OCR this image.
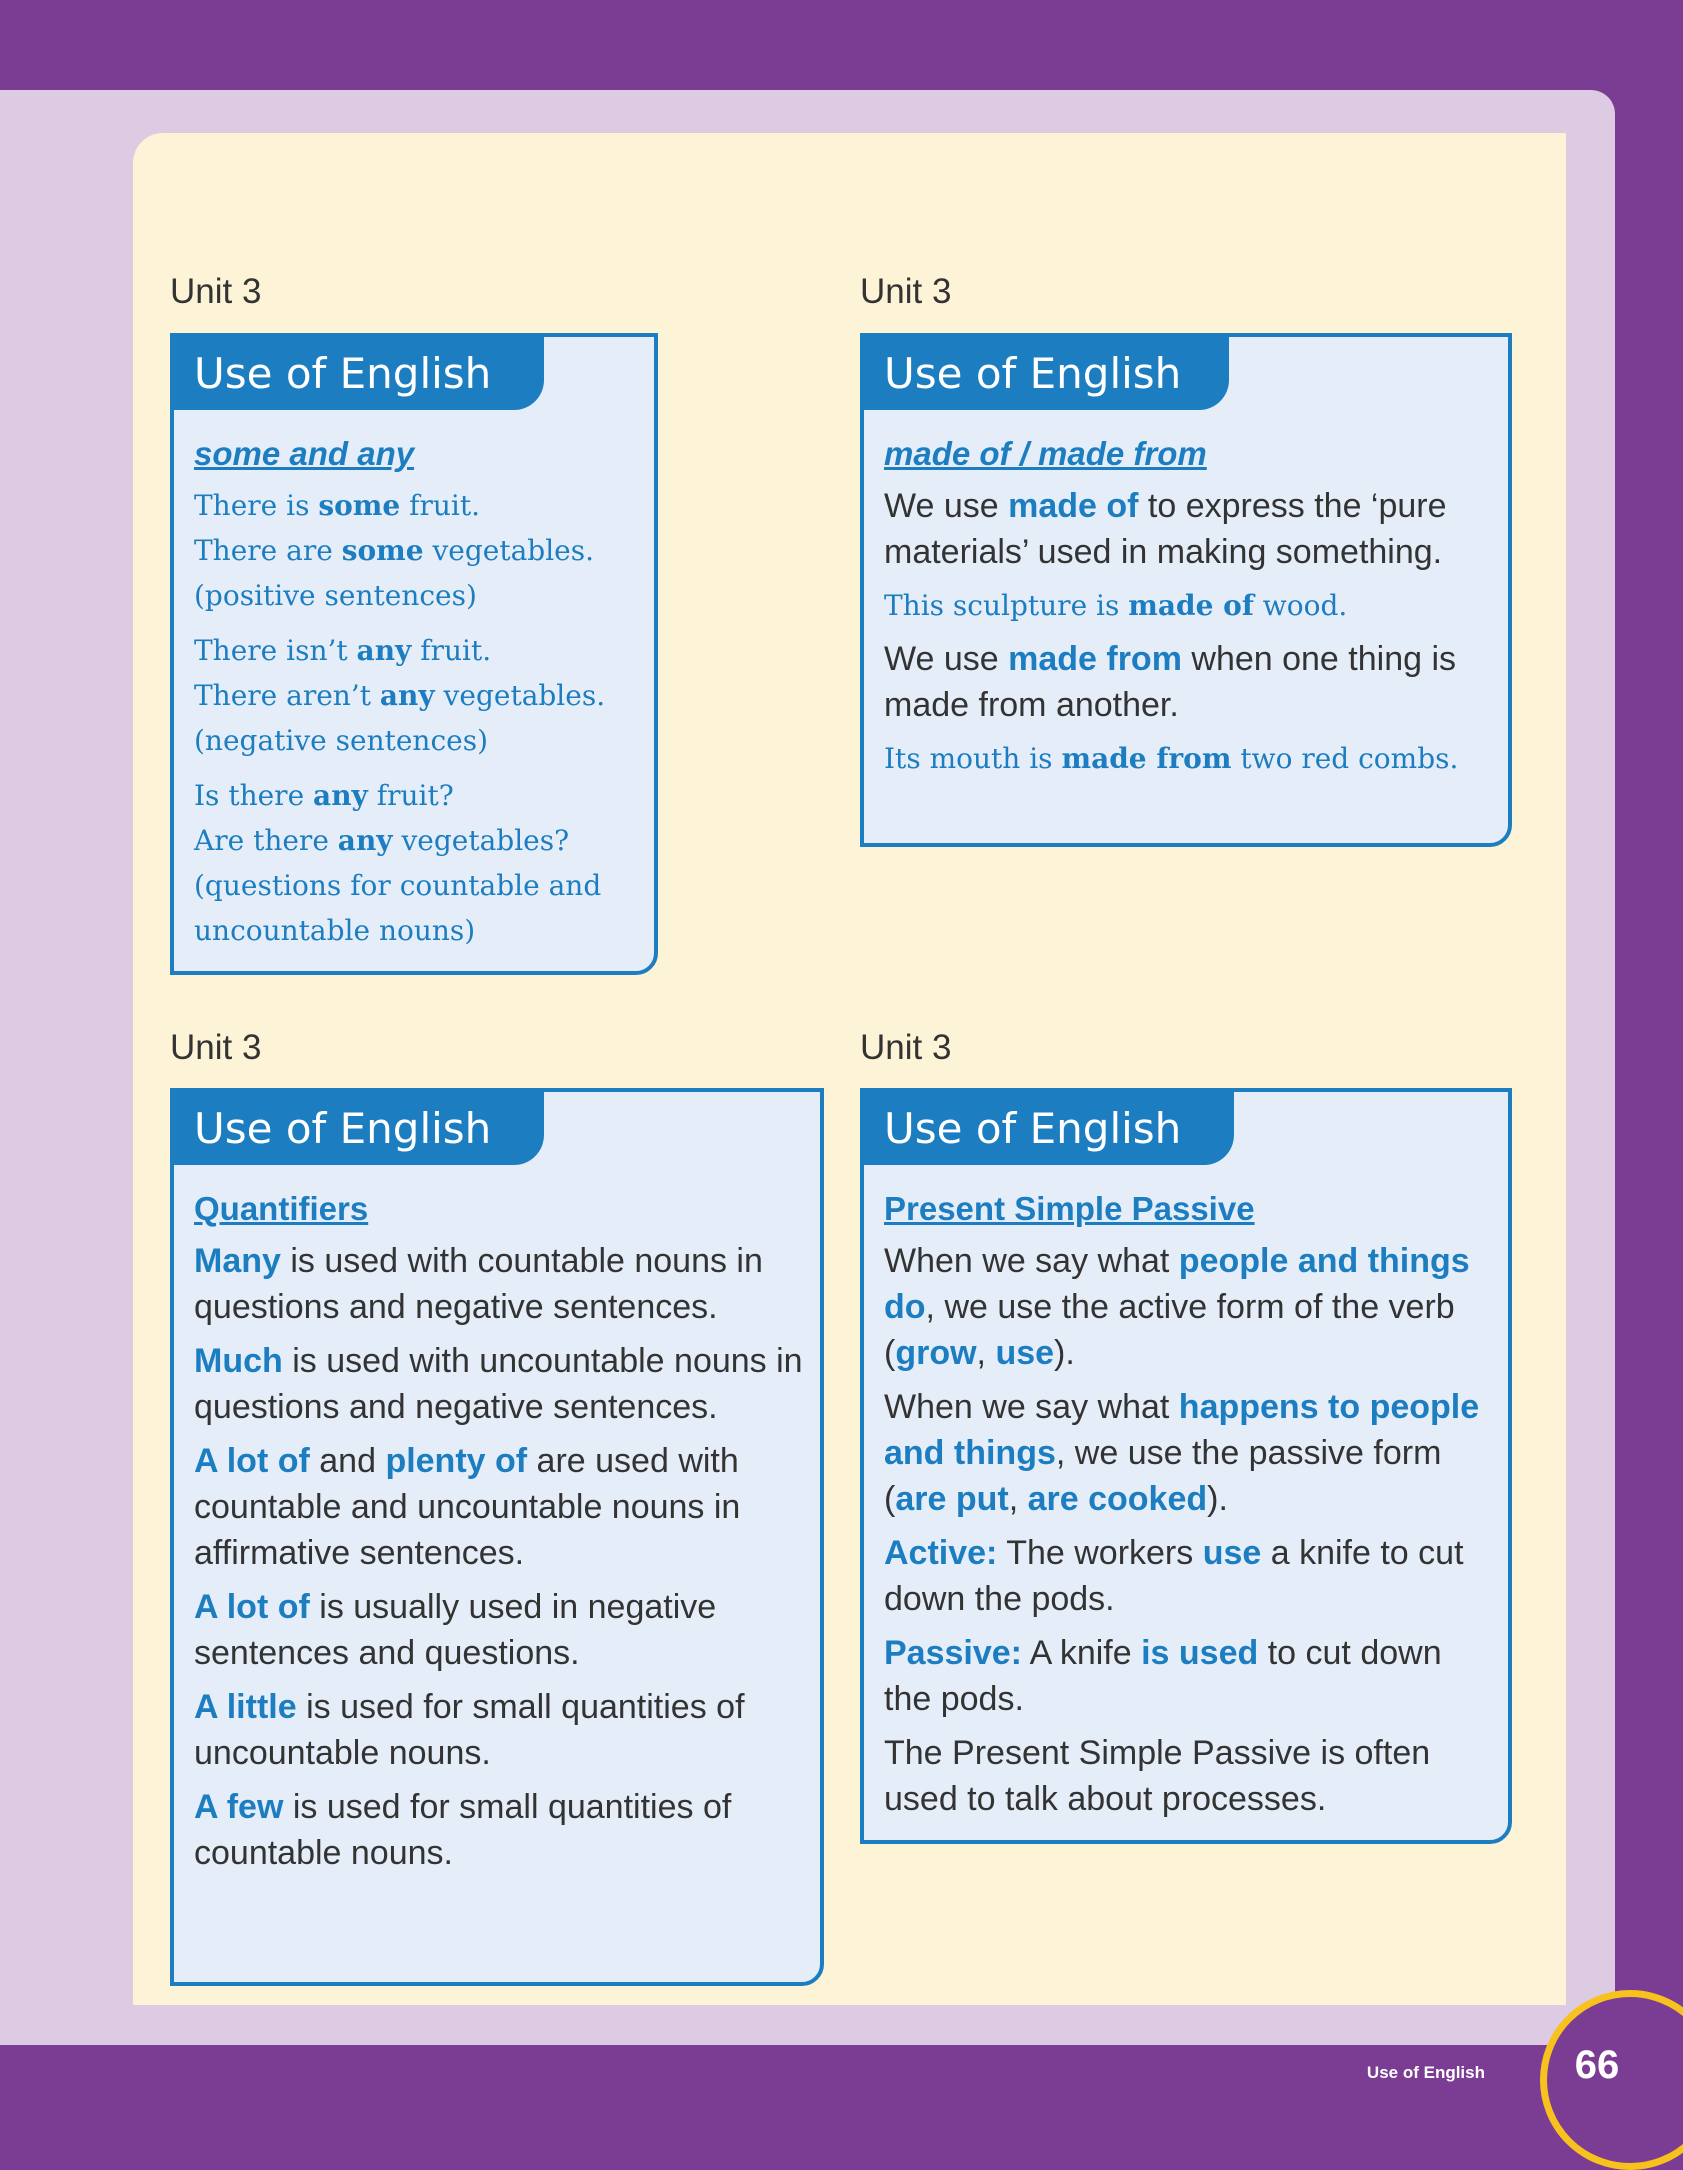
Unit 3
Use of English
some and any
There is some fruit.
There are some vegetables.
(positive sentences)
There isn’t any fruit.
There aren’t any vegetables.
(negative sentences)
Is there any fruit?
Are there any vegetables?
(questions for countable and uncountable nouns)
Unit 3
Use of English
made of / made from
We use made of to express the ‘pure materials’ used in making something.
This sculpture is made of wood.
We use made from when one thing is made from another.
Its mouth is made from two red combs.
Unit 3
Use of English
Quantifiers
Many is used with countable nouns in questions and negative sentences.
Much is used with uncountable nouns in questions and negative sentences.
A lot of and plenty of are used with countable and uncountable nouns in affirmative sentences.
A lot of is usually used in negative sentences and questions.
A little is used for small quantities of uncountable nouns.
A few is used for small quantities of countable nouns.
Unit 3
Use of English
Present Simple Passive
When we say what people and things do, we use the active form of the verb (grow, use).
When we say what happens to people and things, we use the passive form (are put, are cooked).
Active: The workers use a knife to cut down the pods.
Passive: A knife is used to cut down the pods.
The Present Simple Passive is often used to talk about processes.
Use of English	66
